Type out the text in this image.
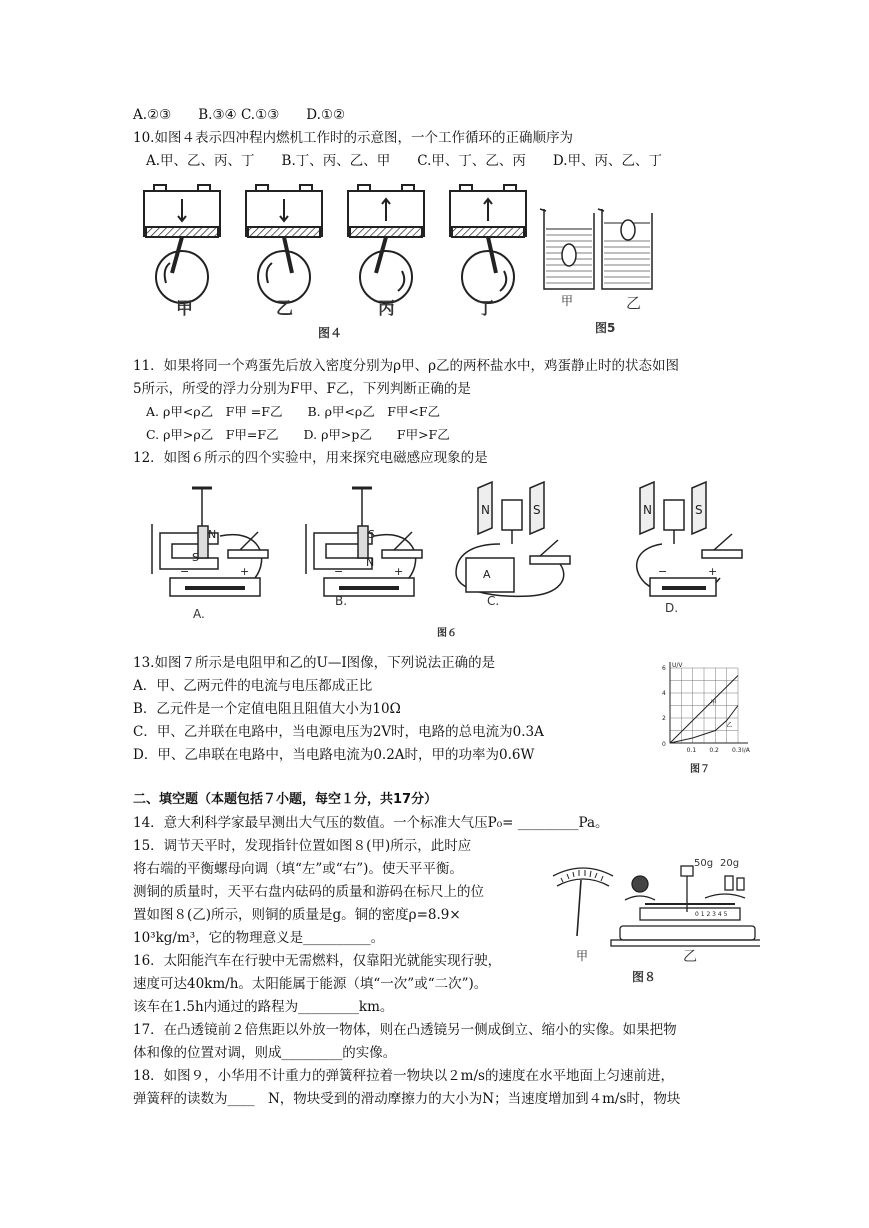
A.②③　　B.③④ C.①③　　D.①②
10.如图４表示四冲程内燃机工作时的示意图，一个工作循环的正确顺序为
A.甲、乙、丙、丁　　B.丁、丙、乙、甲　　C.甲、丁、乙、丙　　D.甲、丙、乙、丁
甲	乙	丙	丁
图４
甲	乙
图5
11．如果将同一个鸡蛋先后放入密度分别为ρ甲、ρ乙的两杯盐水中，鸡蛋静止时的状态如图
5所示，所受的浮力分别为F甲、F乙，下列判断正确的是
A. ρ甲<ρ乙　F甲 =F乙　　B. ρ甲<ρ乙　F甲<F乙
C. ρ甲>ρ乙　F甲=F乙　　D. ρ甲>p乙　　F甲>F乙
12．如图６所示的四个实验中，用来探究电磁感应现象的是
N
S
−	+
S
N
−	+
N	S
A
N	S
−	+
A.
B.	C.	D.
图６
13.如图７所示是电阻甲和乙的U—I图像，下列说法正确的是
A．甲、乙两元件的电流与电压都成正比
B．乙元件是一个定值电阻且阻值大小为10Ω
C．甲、乙并联在电路中，当电源电压为2V时，电路的总电流为0.3A
D．甲、乙串联在电路中，当电路电流为0.2A时，甲的功率为0.6W	0.1 0.2 0.3
2
4
6
0
I/A
U/V
甲
乙
图７
二、填空题（本题包括７小题，每空１分，共17分）
14．意大利科学家最早测出大气压的数值。一个标准大气压P₀= _________Pa。
15．调节天平时，发现指针位置如图８(甲)所示，此时应
将右端的平衡螺母向调（填“左”或“右”)。使天平平衡。
测铜的质量时，天平右盘内砝码的质量和游码在标尺上的位
置如图８(乙)所示，则铜的质量是g。铜的密度ρ=8.9×
10³kg/m³，它的物理意义是__________。
0 1 2 3 4 5
50g 20g
甲	乙
图８
16．太阳能汽车在行驶中无需燃料，仅靠阳光就能实现行驶，
速度可达40km/h。太阳能属于能源（填“一次”或“二次”)。
该车在1.5h内通过的路程为_________km。
17．在凸透镜前２倍焦距以外放一物体，则在凸透镜另一侧成倒立、缩小的实像。如果把物
体和像的位置对调，则成_________的实像。
18．如图９，小华用不计重力的弹簧秤拉着一物块以２m/s的速度在水平地面上匀速前进，
弹簧秤的读数为____　N，物块受到的滑动摩擦力的大小为N；当速度增加到４m/s时，物块
